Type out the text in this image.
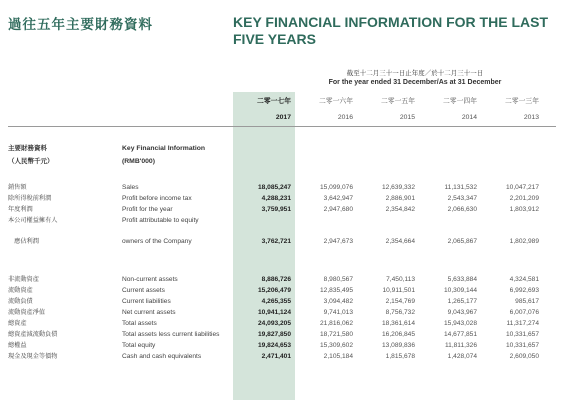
過往五年主要財務資料	KEY FINANCIAL INFORMATION FOR THE LAST FIVE YEARS
截至十二月三十一日止年度／於十二月三十一日
For the year ended 31 December/As at 31 December
二零一七年	二零一六年	二零一五年	二零一四年	二零一三年
2017	2016	2015	2014	2013
主要財務資料
（人民幣千元）
Key Financial Information
(RMB'000)
銷售額	Sales	18,085,247	15,099,076	12,639,332	11,131,532	10,047,217
除所得稅前利潤	Profit before income tax	4,288,231	3,642,947	2,886,901	2,543,347	2,201,209
年度利潤	Profit for the year	3,759,951	2,947,680	2,354,842	2,066,630	1,803,912
本公司權益擁有人	Profit attributable to equity
　應佔利潤	owners of the Company	3,762,721	2,947,673	2,354,664	2,065,867	1,802,989
非流動資產	Non-current assets	8,886,726	8,980,567	7,450,113	5,633,884	4,324,581
流動資產	Current assets	15,206,479	12,835,495	10,911,501	10,309,144	6,992,693
流動負債	Current liabilities	4,265,355	3,094,482	2,154,769	1,265,177	985,617
流動資產淨值	Net current assets	10,941,124	9,741,013	8,756,732	9,043,967	6,007,076
總資產	Total assets	24,093,205	21,816,062	18,361,614	15,943,028	11,317,274
總資產減流動負債	Total assets less current liabilities	19,827,850	18,721,580	16,206,845	14,677,851	10,331,657
總權益	Total equity	19,824,653	15,309,602	13,089,836	11,811,326	10,331,657
現金及現金等價物	Cash and cash equivalents	2,471,401	2,105,184	1,815,678	1,428,074	2,609,050
